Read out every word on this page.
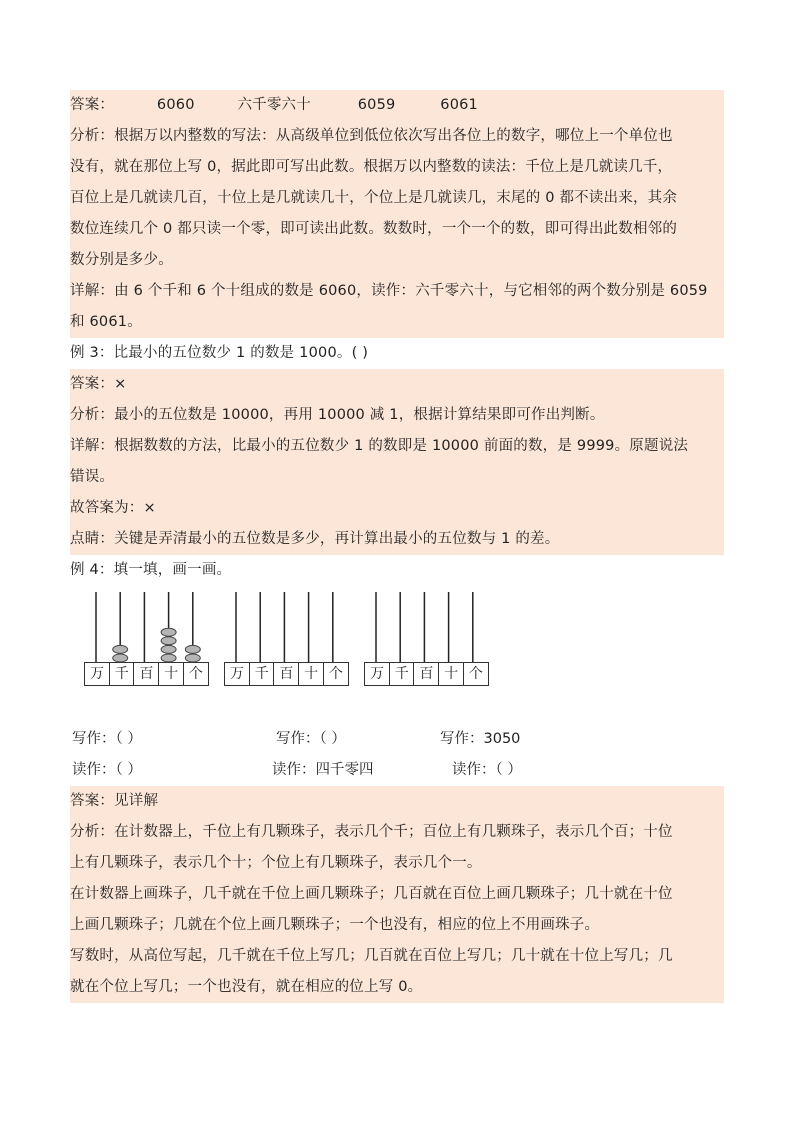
答案：	6060	六千零六十	6059	6061
分析：根据万以内整数的写法：从高级单位到低位依次写出各位上的数字，哪位上一个单位也
没有，就在那位上写 0，据此即可写出此数。根据万以内整数的读法：千位上是几就读几千，
百位上是几就读几百，十位上是几就读几十，个位上是几就读几，末尾的 0 都不读出来，其余
数位连续几个 0 都只读一个零，即可读出此数。数数时，一个一个的数，即可得出此数相邻的
数分别是多少。
详解：由 6 个千和 6 个十组成的数是 6060，读作：六千零六十，与它相邻的两个数分别是 6059
和 6061。
例 3：比最小的五位数少 1 的数是 1000。( )
答案：×
分析：最小的五位数是 10000，再用 10000 减 1，根据计算结果即可作出判断。
详解：根据数数的方法，比最小的五位数少 1 的数即是 10000 前面的数，是 9999。原题说法
错误。
故答案为：×
点睛：关键是弄清最小的五位数是多少，再计算出最小的五位数与 1 的差。
例 4：填一填，画一画。
万 千 百 十 个	万 千 百 十 个	万 千 百 十 个
写作：（ ）	写作：（ ）	写作：3050
读作：（ ）	读作：四千零四	读作：（ ）
答案：见详解
分析：在计数器上，千位上有几颗珠子，表示几个千；百位上有几颗珠子，表示几个百；十位
上有几颗珠子，表示几个十；个位上有几颗珠子，表示几个一。
在计数器上画珠子，几千就在千位上画几颗珠子；几百就在百位上画几颗珠子；几十就在十位
上画几颗珠子；几就在个位上画几颗珠子；一个也没有，相应的位上不用画珠子。
写数时，从高位写起，几千就在千位上写几；几百就在百位上写几；几十就在十位上写几；几
就在个位上写几；一个也没有，就在相应的位上写 0。
